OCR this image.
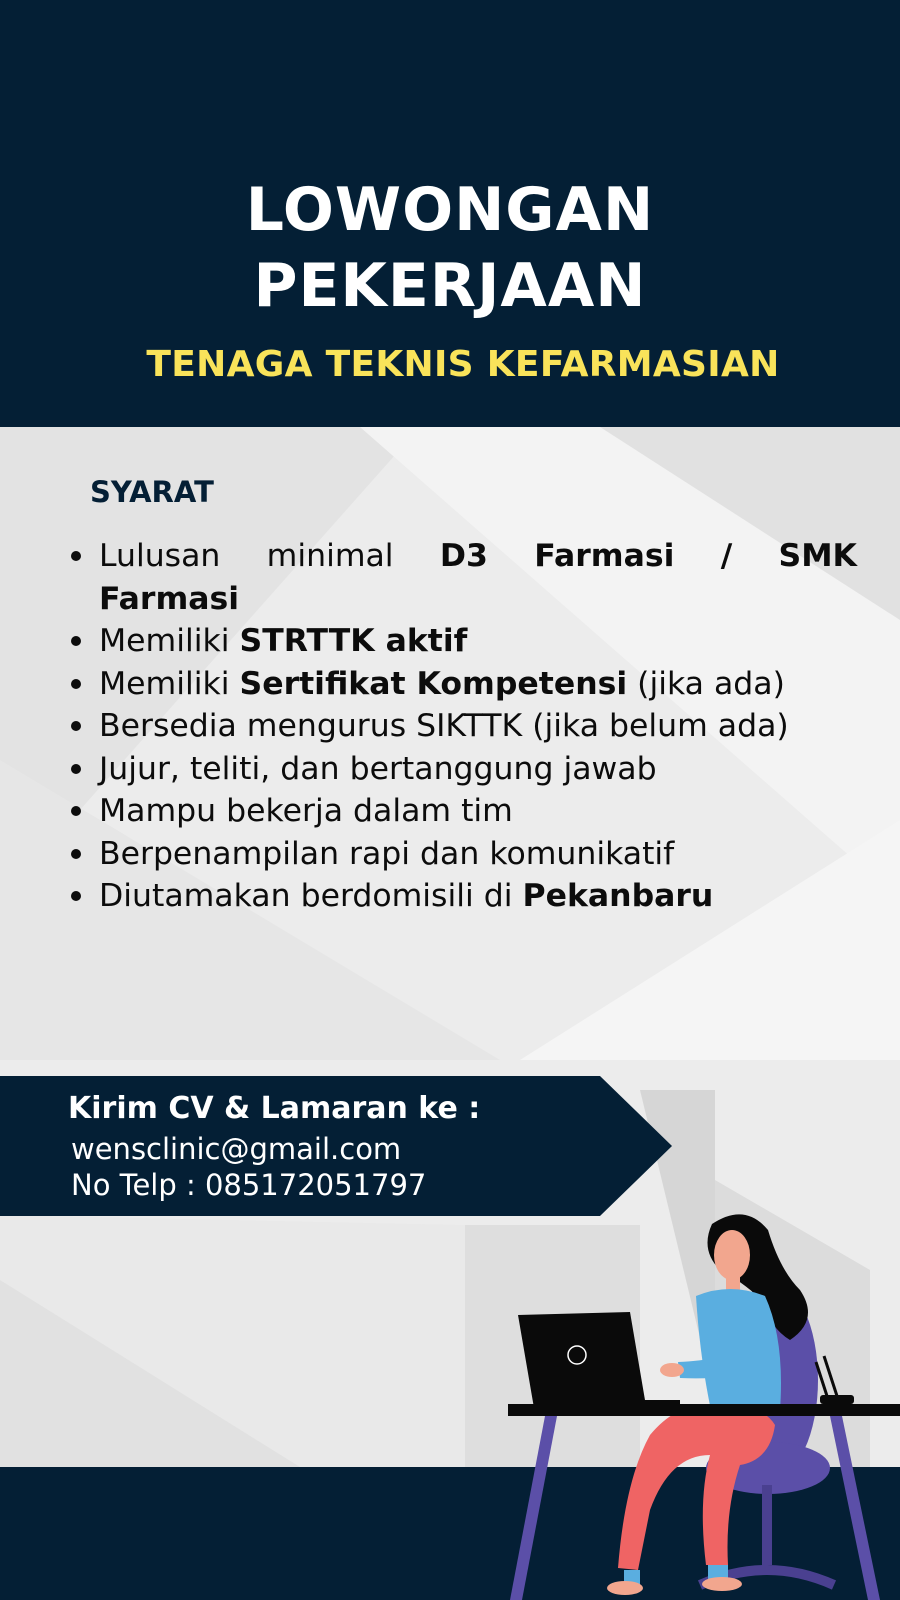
LOWONGAN
PEKERJAAN
TENAGA TEKNIS KEFARMASIAN
SYARAT
Lulusan minimal D3 Farmasi / SMK
Farmasi
Memiliki STRTTK aktif
Memiliki Sertifikat Kompetensi (jika ada)
Bersedia mengurus SIKTTK (jika belum ada)
Jujur, teliti, dan bertanggung jawab
Mampu bekerja dalam tim
Berpenampilan rapi dan komunikatif
Diutamakan berdomisili di Pekanbaru
Kirim CV & Lamaran ke :
wensclinic@gmail.com
No Telp : 085172051797
